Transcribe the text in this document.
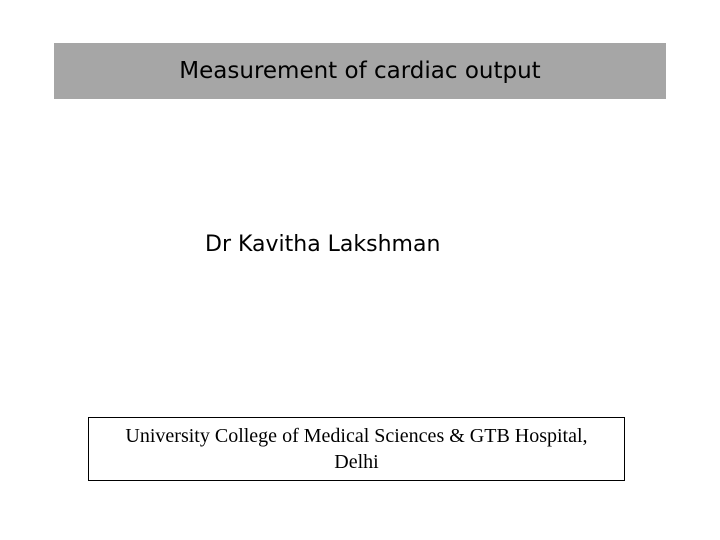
Measurement of cardiac output
Dr Kavitha Lakshman
University College of Medical Sciences & GTB Hospital, Delhi
